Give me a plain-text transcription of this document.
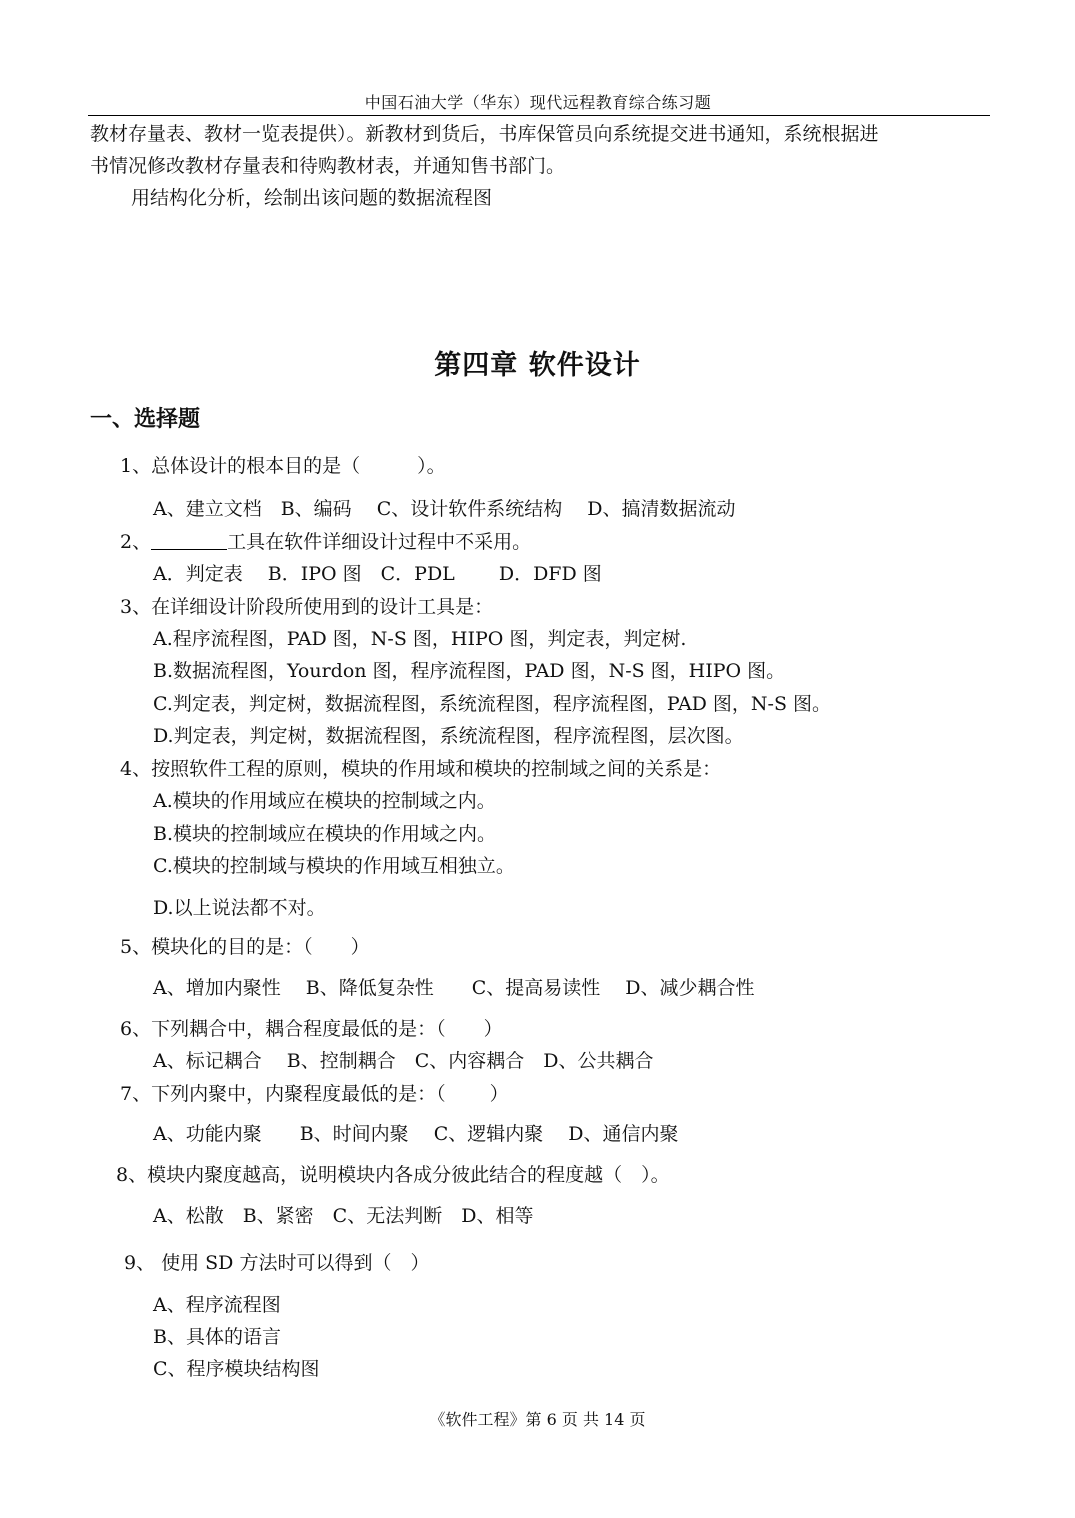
中国石油大学（华东）现代远程教育综合练习题
教材存量表、教材一览表提供）。新教材到货后，书库保管员向系统提交进书通知，系统根据进
书情况修改教材存量表和待购教材表，并通知售书部门。
用结构化分析，绘制出该问题的数据流程图
第四章 软件设计
一、选择题
1、总体设计的根本目的是（　　　）。
A、建立文档　B、编码　 C、设计软件系统结构　 D、搞清数据流动
2、	工具在软件详细设计过程中不采用。
A．判定表　 B．IPO 图　C．PDL　　 D．DFD 图
3、在详细设计阶段所使用到的设计工具是：
A.程序流程图，PAD 图，N-S 图，HIPO 图，判定表，判定树.
B.数据流程图，Yourdon 图，程序流程图，PAD 图，N-S 图，HIPO 图。
C.判定表，判定树，数据流程图，系统流程图，程序流程图，PAD 图，N-S 图。
D.判定表，判定树，数据流程图，系统流程图，程序流程图，层次图。
4、按照软件工程的原则，模块的作用域和模块的控制域之间的关系是：
A.模块的作用域应在模块的控制域之内。
B.模块的控制域应在模块的作用域之内。
C.模块的控制域与模块的作用域互相独立。
D.以上说法都不对。
5、模块化的目的是：（　　）
A、增加内聚性　 B、降低复杂性　　C、提高易读性　 D、减少耦合性
6、下列耦合中，耦合程度最低的是：（　　）
A、标记耦合　 B、控制耦合　C、内容耦合　D、公共耦合
7、下列内聚中，内聚程度最低的是：（　　 ）
A、功能内聚　　B、时间内聚　 C、逻辑内聚　 D、通信内聚
8、模块内聚度越高，说明模块内各成分彼此结合的程度越（　）。
A、松散　B、紧密　C、无法判断　D、相等
9、 使用 SD 方法时可以得到（　）
A、程序流程图
B、具体的语言
C、程序模块结构图
《软件工程》第 6 页 共 14 页
